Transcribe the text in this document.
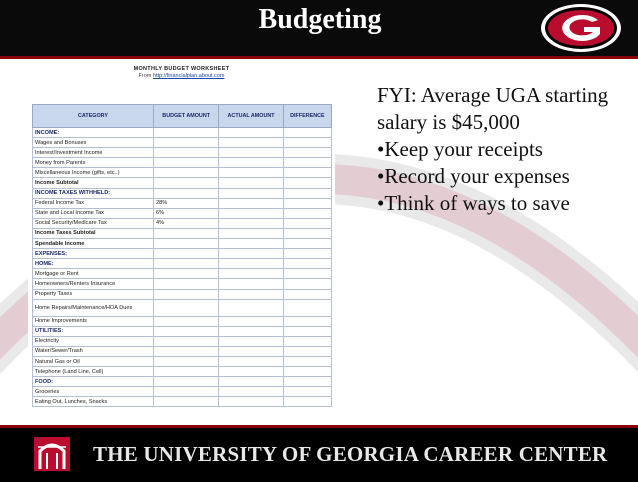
Budgeting
MONTHLY BUDGET WORKSHEET
From http://financialplan.about.com
CATEGORY	BUDGET AMOUNT	ACTUAL AMOUNT	DIFFERENCE
INCOME:			
Wages and Bonuses			
Interest/Investment Income			
Money from Parents			
Miscellaneous Income (gifts, etc..)			
Income Subtotal			
INCOME TAXES WITHHELD:			
Federal Income Tax	28%		
State and Local Income Tax	6%		
Social Security/Medicare Tax	4%		
Income Taxes Subtotal			
Spendable Income			
EXPENSES:			
HOME:			
Mortgage or Rent			
Homeowners/Renters Insurance			
Property Taxes			
Home Repairs/Maintenance/HOA Dues			
Home Improvements			
UTILITIES:			
Electricity			
Water/Sewer/Trash			
Natural Gas or Oil			
Telephone (Land Line, Cell)			
FOOD:			
Groceries			
Eating Out, Lunches, Snacks			

FYI: Average UGA starting salary is $45,000

•Keep your receipts

•Record your expenses

•Think of ways to save

THE UNIVERSITY OF GEORGIA CAREER CENTER
